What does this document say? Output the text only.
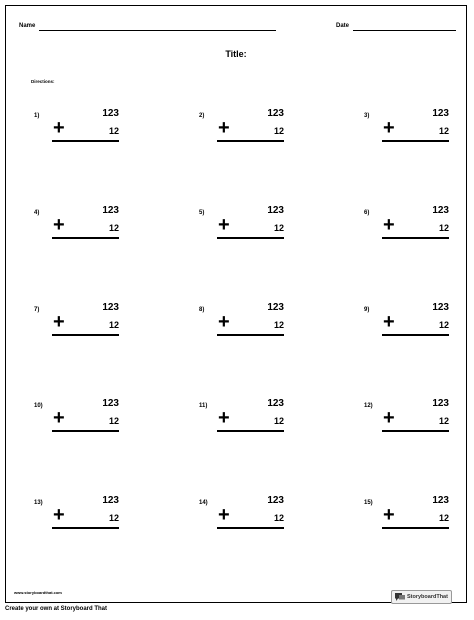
Name	Date
Title:
Directions:
1)	123
+	12
2)	123
+	12
3)	123
+	12
4)	123
+	12
5)	123
+	12
6)	123
+	12
7)	123
+	12
8)	123
+	12
9)	123
+	12
10)	123
+	12
11)	123
+	12
12)	123
+	12
13)	123
+	12
14)	123
+	12
15)	123
+	12
www.storyboardthat.com
StoryboardThat
Create your own at Storyboard That
